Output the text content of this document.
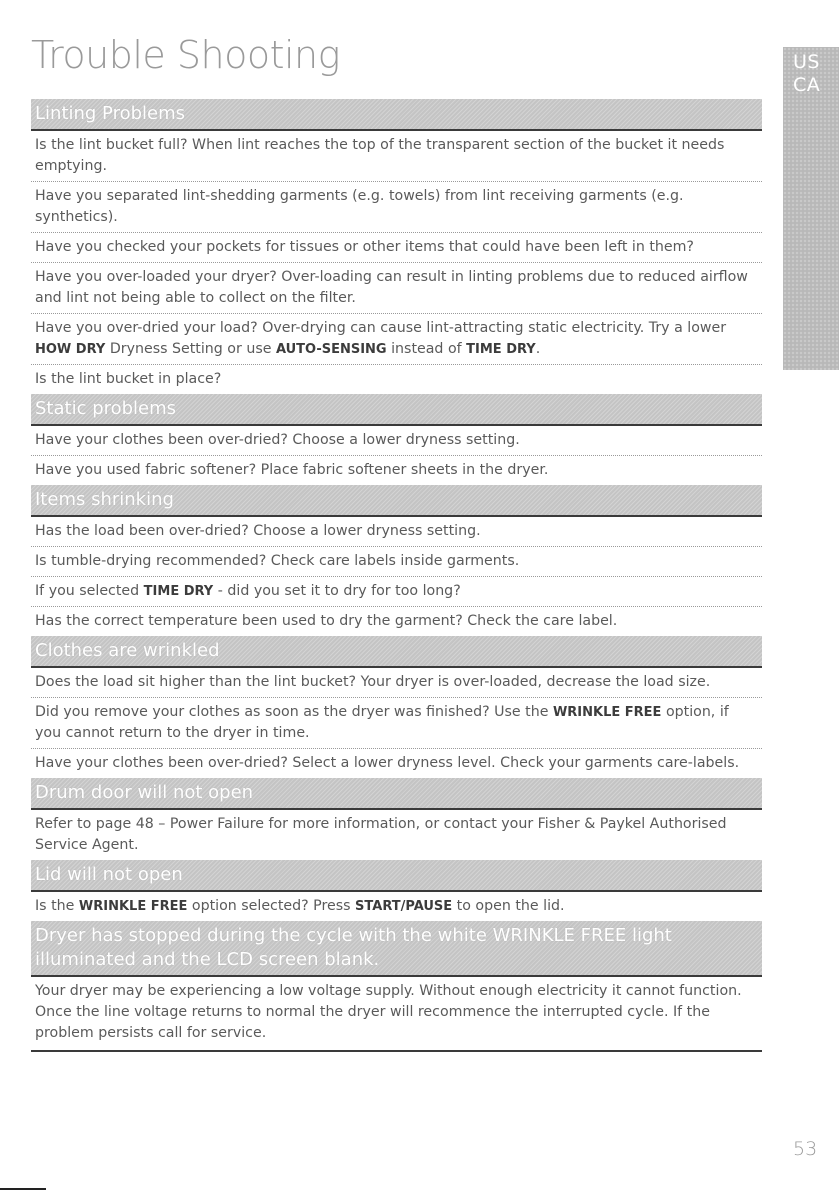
Trouble Shooting	US
CA
Linting Problems
Is the lint bucket full? When lint reaches the top of the transparent section of the bucket it needs emptying.
Have you separated lint-shedding garments (e.g. towels) from lint receiving garments (e.g. synthetics).
Have you checked your pockets for tissues or other items that could have been left in them?
Have you over-loaded your dryer? Over-loading can result in linting problems due to reduced airflow and lint not being able to collect on the filter.
Have you over-dried your load? Over-drying can cause lint-attracting static electricity. Try a lower HOW DRY Dryness Setting or use AUTO-SENSING instead of TIME DRY.
Is the lint bucket in place?
Static problems
Have your clothes been over-dried? Choose a lower dryness setting.
Have you used fabric softener? Place fabric softener sheets in the dryer.
Items shrinking
Has the load been over-dried? Choose a lower dryness setting.
Is tumble-drying recommended? Check care labels inside garments.
If you selected TIME DRY - did you set it to dry for too long?
Has the correct temperature been used to dry the garment? Check the care label.
Clothes are wrinkled
Does the load sit higher than the lint bucket? Your dryer is over-loaded, decrease the load size.
Did you remove your clothes as soon as the dryer was finished? Use the WRINKLE FREE option, if you cannot return to the dryer in time.
Have your clothes been over-dried? Select a lower dryness level. Check your garments care-labels.
Drum door will not open
Refer to page 48 – Power Failure for more information, or contact your Fisher & Paykel Authorised Service Agent.
Lid will not open
Is the WRINKLE FREE option selected? Press START/PAUSE to open the lid.
Dryer has stopped during the cycle with the white WRINKLE FREE light illuminated and the LCD screen blank.
Your dryer may be experiencing a low voltage supply. Without enough electricity it cannot function. Once the line voltage returns to normal the dryer will recommence the interrupted cycle. If the problem persists call for service.
53
